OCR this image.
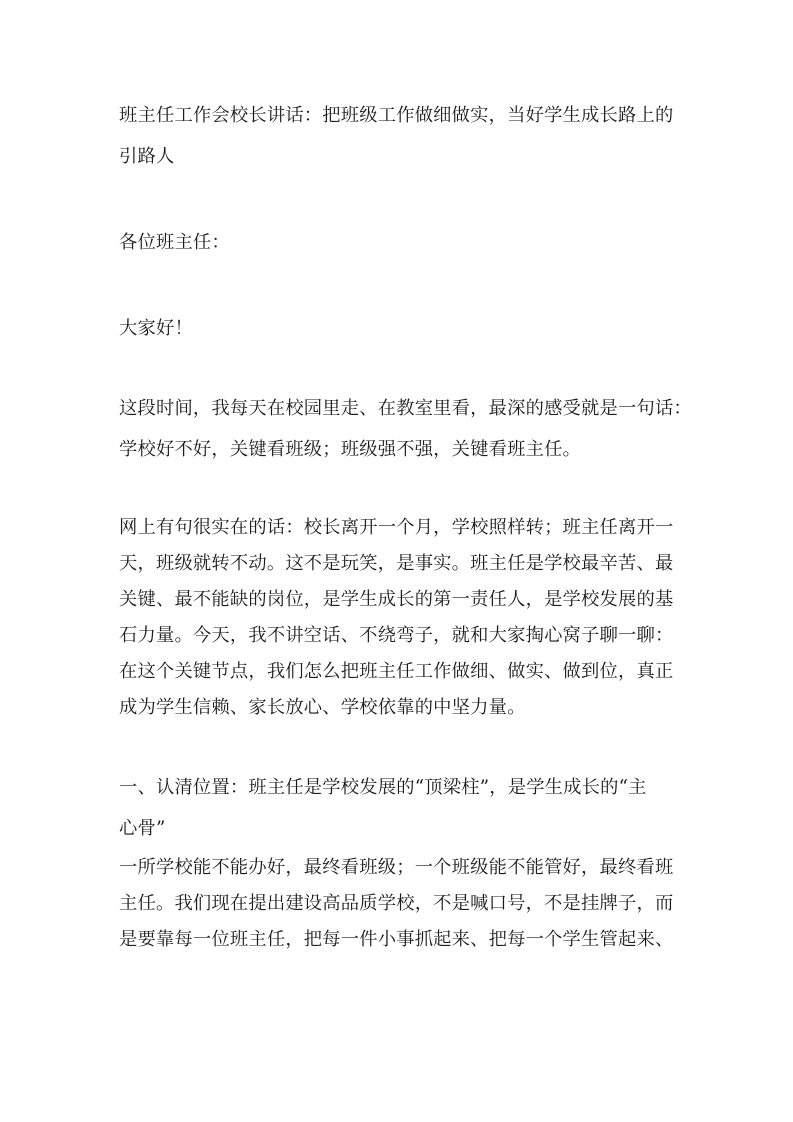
班主任工作会校长讲话：把班级工作做细做实，当好学生成长路上的
引路人
各位班主任：
大家好！
这段时间，我每天在校园里走、在教室里看，最深的感受就是一句话：
学校好不好，关键看班级；班级强不强，关键看班主任。
网上有句很实在的话：校长离开一个月，学校照样转；班主任离开一
天，班级就转不动。这不是玩笑，是事实。班主任是学校最辛苦、最
关键、最不能缺的岗位，是学生成长的第一责任人，是学校发展的基
石力量。今天，我不讲空话、不绕弯子，就和大家掏心窝子聊一聊：
在这个关键节点，我们怎么把班主任工作做细、做实、做到位，真正
成为学生信赖、家长放心、学校依靠的中坚力量。
一、认清位置：班主任是学校发展的“顶梁柱”，是学生成长的“主
心骨”
一所学校能不能办好，最终看班级；一个班级能不能管好，最终看班
主任。我们现在提出建设高品质学校，不是喊口号，不是挂牌子，而
是要靠每一位班主任，把每一件小事抓起来、把每一个学生管起来、
